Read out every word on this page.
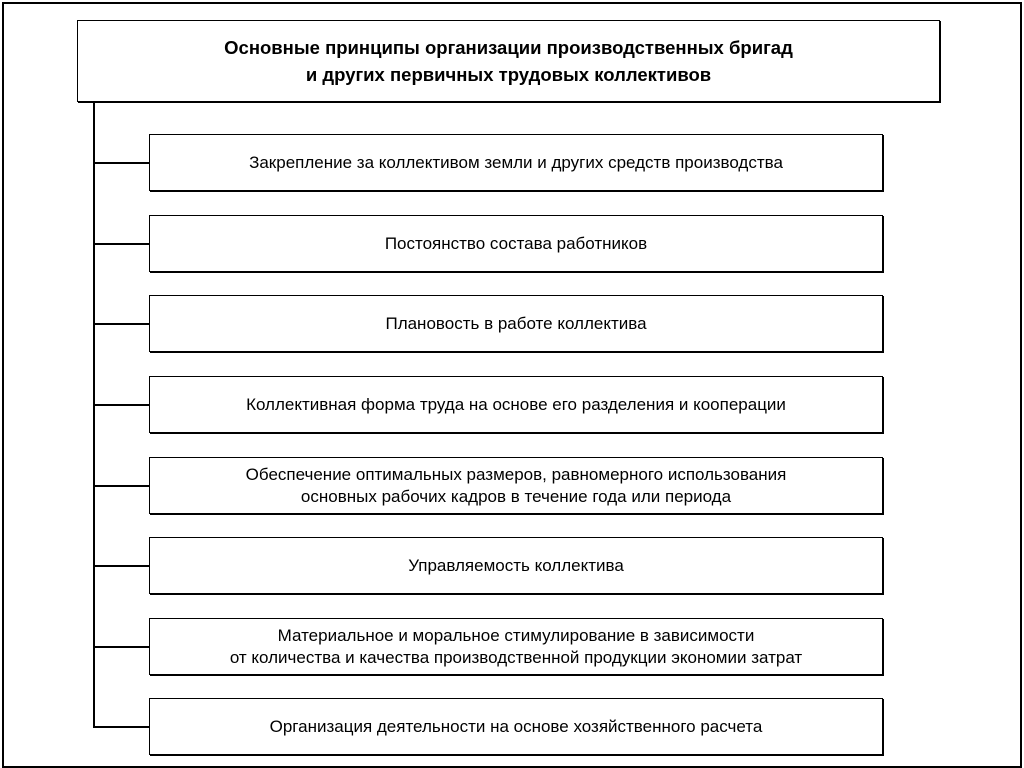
Основные принципы организации производственных бригад
и других первичных трудовых коллективов
Закрепление за коллективом земли и других средств производства
Постоянство состава работников
Плановость в работе коллектива
Коллективная форма труда на основе его разделения и кооперации
Обеспечение оптимальных размеров, равномерного использования
основных рабочих кадров в течение года или периода
Управляемость коллектива
Материальное и моральное стимулирование в зависимости
от количества и качества производственной продукции экономии затрат
Организация деятельности на основе хозяйственного расчета
